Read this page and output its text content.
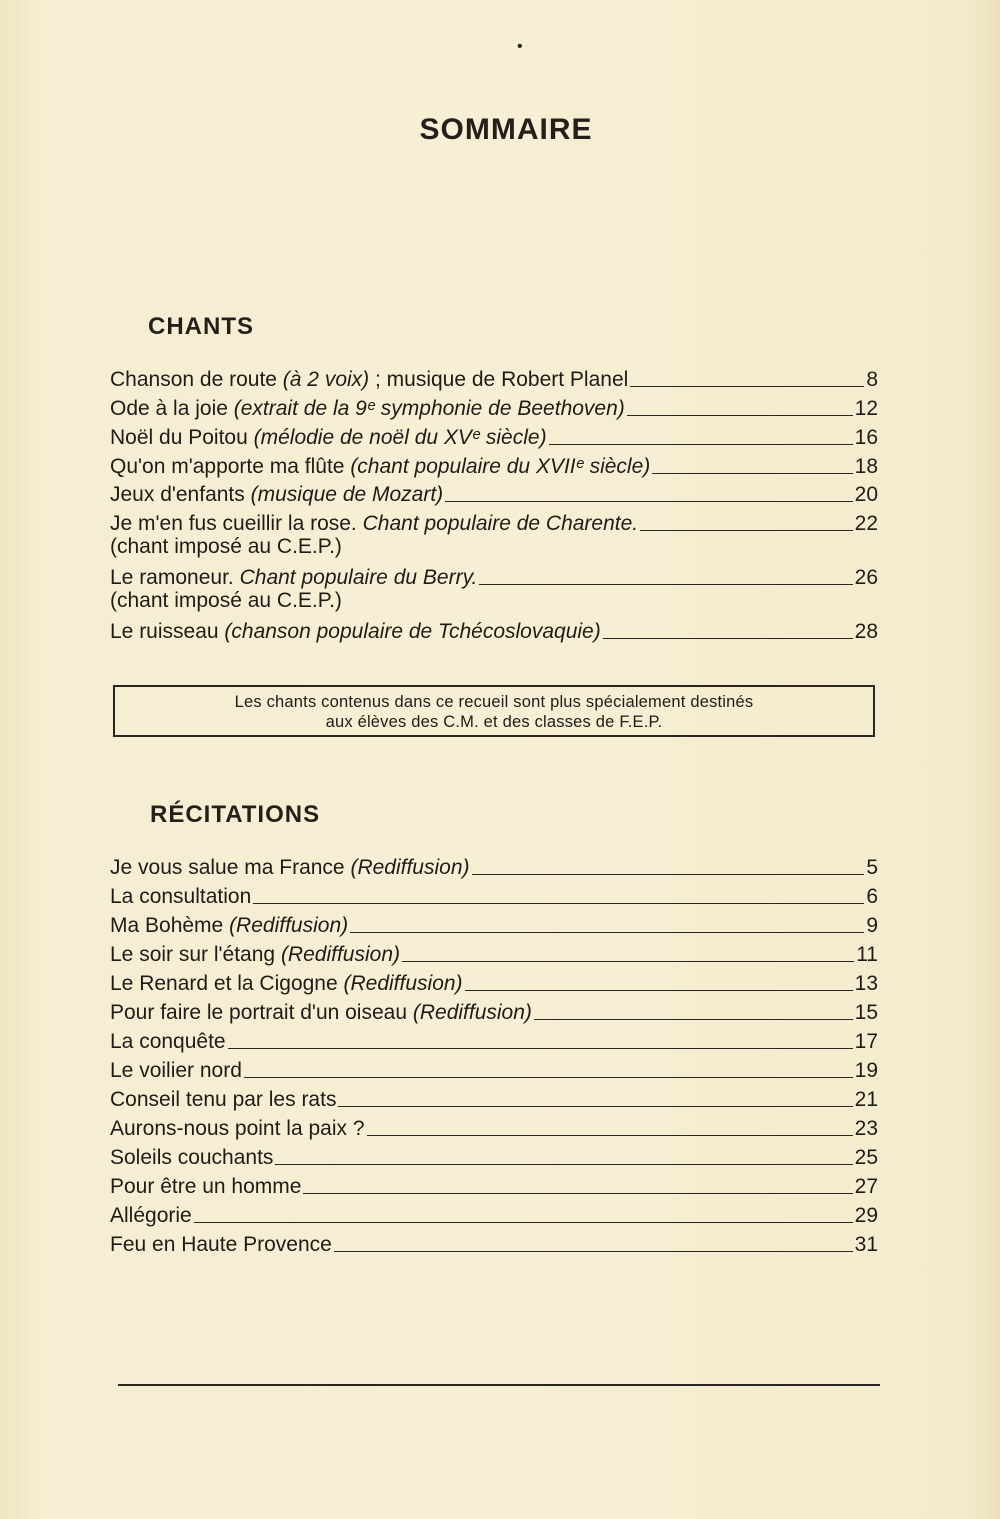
•
SOMMAIRE
CHANTS
Chanson de route (à 2 voix) ; musique de Robert Planel	8
Ode à la joie (extrait de la 9ᵉ symphonie de Beethoven)	12
Noël du Poitou (mélodie de noël du XVᵉ siècle)	16
Qu'on m'apporte ma flûte (chant populaire du XVIIᵉ siècle)	18
Jeux d'enfants (musique de Mozart)	20
Je m'en fus cueillir la rose. Chant populaire de Charente.	22
(chant imposé au C.E.P.)
Le ramoneur. Chant populaire du Berry.	26
(chant imposé au C.E.P.)
Le ruisseau (chanson populaire de Tchécoslovaquie)	28
Les chants contenus dans ce recueil sont plus spécialement destinés
aux élèves des C.M. et des classes de F.E.P.
RÉCITATIONS
Je vous salue ma France (Rediffusion)	5
La consultation	6
Ma Bohème (Rediffusion)	9
Le soir sur l'étang (Rediffusion)	11
Le Renard et la Cigogne (Rediffusion)	13
Pour faire le portrait d'un oiseau (Rediffusion)	15
La conquête	17
Le voilier nord	19
Conseil tenu par les rats	21
Aurons-nous point la paix ?	23
Soleils couchants	25
Pour être un homme	27
Allégorie	29
Feu en Haute Provence	31
